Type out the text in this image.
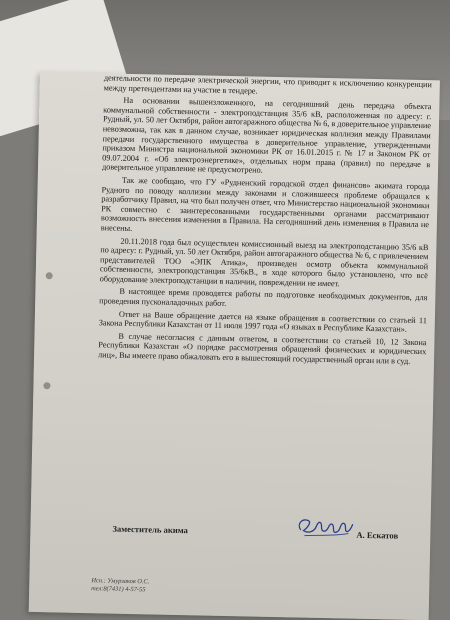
деятельности по передаче электрической энергии, что приводит к исключению конкуренции между претендентами на участие в тендере.

На основании вышеизложенного, на сегодняшний день передача объекта коммунальной собственности - электроподстанция 35/6 кВ, расположенная по адресу: г. Рудный, ул. 50 лет Октября, район автогаражного общества № 6, в доверительное управление невозможна, так как в данном случае, возникает юридическая коллизия между Правилами передачи государственного имущества в доверительное управление, утвержденными приказом Министра национальной экономики РК от 16.01.2015 г. № 17 и Законом РК от 09.07.2004 г. «Об электроэнергетике», отдельных норм права (правил) по передаче в доверительное управление не предусмотрено.

Так же сообщаю, что ГУ «Рудненский городской отдел финансов» акимата города Рудного по поводу коллизии между законами и сложившееся проблеме обращался к разработчику Правил, на что был получен ответ, что Министерство национальной экономики РК совместно с заинтересованными государственными органами рассматривают возможность внесения изменения в Правила. На сегодняшний день изменения в Правила не внесены.

20.11.2018 года был осуществлен комиссионный выезд на электроподстанцию 35/6 кВ по адресу: г. Рудный, ул. 50 лет Октября, район автогаражного общества № 6, с привлечением представителей ТОО «ЭПК Атика», произведен осмотр объекта коммунальной собственности, электроподстанция 35/6кВ., в ходе которого было установлено, что всё оборудование электроподстанции в наличии, повреждении не имеет.

В настоящее время проводятся работы по подготовке необходимых документов, для проведения пусконаладочных работ.

Ответ на Ваше обращение дается на языке обращения в соответствии со статьей 11 Закона Республики Казахстан от 11 июля 1997 года «О языках в Республике Казахстан».

В случае несогласия с данным ответом, в соответствии со статьей 10, 12 Закона Республики Казахстан «О порядке рассмотрения обращений физических и юридических лиц», Вы имеете право обжаловать его в вышестоящий государственный орган или в суд.

Заместитель акима	А. Ескатов
Исп.: Умурзаков О.С.
тел:8(7431) 4-57-55
